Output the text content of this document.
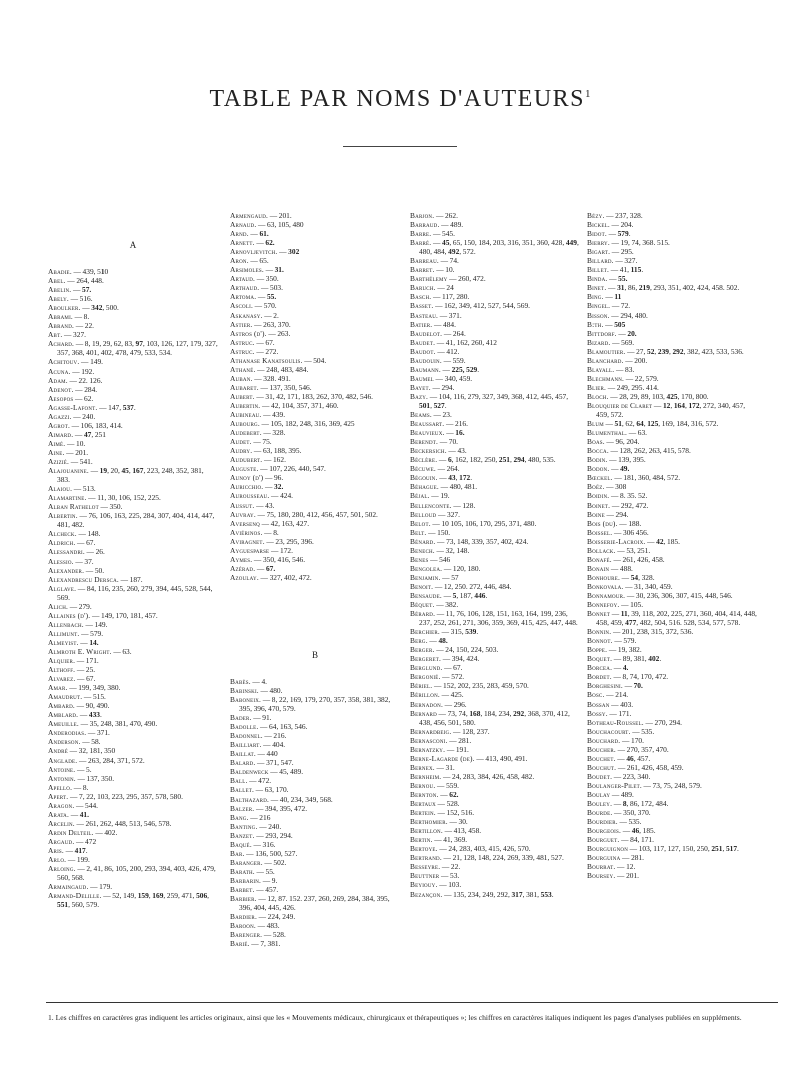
TABLE PAR NOMS D'AUTEURS$^1$
A

Abadie. — 439, 510

Abel. — 264, 448.

Abelin. — 57.

Abely. — 516.

Aboulker. — 342, 500.

Abrami. — 8.

Abrand. — 22.

Abt. — 327.

Achard. — 8, 19, 29, 62, 83, 97, 103, 126, 127, 179, 327, 357, 368, 401, 402, 478, 479, 533, 534.

Achitouv. — 149.

Acuna. — 192.

Adam. — 22. 126.

Adenot. — 284.

Aesopos — 62.

Agasse-Lafont. — 147, 537.

Agazzi. — 240.

Agrot. — 106, 183, 414.

Aimard. — 47, 251

Aimé. — 10.

Aine. — 201.

Azizié. — 541.

Alajouanine. — 19, 20, 45, 167, 223, 248, 352, 381, 383.

Alaiou. — 513.

Alamartine. — 11, 30, 106, 152, 225.

Alban Rathelot — 350.

Albertin. — 76, 106, 163, 225, 284, 307, 404, 414, 447, 481, 482.

Alcheck. — 148.

Aldrich. — 67.

Alessandri. — 26.

Alessio. — 37.

Alexander. — 50.

Alexandrescu Dersca. — 187.

Alglave. — 84, 116, 235, 260, 279, 394, 445, 528, 544, 569.

Alich. — 279.

Allaines (d'). — 149, 170, 181, 457.

Allenbach. — 149.

Allimunt. — 579.

Almeyist. — 14.

Almroth E. Wright. — 63.

Alquier. — 171.

Althoff. — 25.

Alvarez. — 67.

Amar. — 199, 349, 380.

Amaudrut. — 515.

Ambard. — 90, 490.

Amblard. — 433.

Ameuille. — 35, 248, 381, 470, 490.

Anderodias. — 371.

Anderson. — 58.

André — 32, 181, 350

Anglade. — 263, 284, 371, 572.

Antoine. — 5.

Antonin. — 137, 350.

Apello. — 8.

Apert. — 7, 22, 103, 223, 295, 357, 578, 580.

Aragon. — 544.

Arata. — 41.

Arcelin. — 261, 262, 448, 513, 546, 578.

Ardin Delteil. — 402.

Argaud. — 472

Aris. — 417.

Arlo. — 199.

Arloing. — 2, 41, 86, 105, 200, 293, 394, 403, 426, 479, 560, 568.

Armaingaud. — 179.

Armand-Delille. — 52, 149, 159, 169, 259, 471, 506, 551, 560, 579.

Armengaud. — 201.

Arnaud. — 63, 105, 480

Arnd. — 61.

Arnett. — 62.

Arnovljevitch. — 302

Aron. — 65.

Arsimoles. — 31.

Artaud. — 350.

Arthaud. — 503.

Artoma. — 55.

Ascoli. — 570.

Askanasy. — 2.

Astier. — 263, 370.

Astros (d'). — 263.

Astruc. — 67.

Astruc. — 272.

Athanase Kanatsoulis. — 504.

Athané. — 248, 483, 484.

Auban. — 328. 491.

Aubaret. — 137, 350, 546.

Aubert. — 31, 42, 171, 183, 262, 370, 482, 546.

Aubertin. — 42, 104, 357, 371, 460.

Aubineau. — 439.

Aubourg. — 105, 182, 248, 316, 369, 425

Audebert. — 328.

Audet. — 75.

Audry. — 63, 188, 395.

Audubert. — 162.

Auguste. — 107, 226, 440, 547.

Aunoy (d') — 96.

Auricchio. — 32.

Aurousseau. — 424.

Aussut. — 43.

Auvray. — 75, 180, 280, 412, 456, 457, 501, 502.

Aversenq — 42, 163, 427.

Aviérinos. — 8.

Aviragnet. — 23, 295, 396.

Ayguesparse — 172.

Aymes. — 350, 416, 546.

Azérad. — 67.

Azoulay. — 327, 402, 472.

B

Babès. — 4.

Babinski. — 480.

Baboneix. — 8, 22, 169, 179, 270, 357, 358, 381, 382, 395, 396, 470, 579.

Bader. — 91.

Badolle. — 64, 163, 546.

Badonnel. — 216.

Bailliart. — 404.

Baillat. — 440

Balard. — 371, 547.

Baldenweck — 45, 489.

Ball. — 472.

Ballet. — 63, 170.

Balthazard. — 40, 234, 349, 568.

Balzer. — 394, 395, 472.

Bang. — 216

Banting. — 240.

Banzet. — 293, 294.

Baqué. — 316.

Bar. — 136, 500, 527.

Baranger. — 502.

Barath. — 55.

Barbarin. — 9.

Barbet. — 457.

Barbier. — 12, 87. 152. 237, 260, 269, 284, 384, 395, 396, 404, 445, 426.

Bardier. — 224, 249.

Baroon. — 483.

Barenger. — 528.

Barié. — 7, 381.

Barjon. — 262.

Barraud. — 489.

Barre. — 545.

Barré. — 45, 65, 150, 184, 203, 316, 351, 360, 428, 449, 480, 484, 492, 572.

Barreau. — 74.

Barret. — 10.

Barthélemy — 260, 472.

Baruch. — 24

Basch. — 117, 280.

Basset. — 162, 349, 412, 527, 544, 569.

Basteau. — 371.

Batier. — 484.

Baudelot. — 264.

Baudet. — 41, 162, 260, 412

Baudot. — 412.

Baudouin. — 559.

Baumann. — 225, 529.

Baumel — 340, 459.

Bayet. — 294.

Bazy. — 104, 116, 279, 327, 349, 368, 412, 445, 457, 501, 527.

Beams. — 23.

Beaussart. — 216.

Beauvieux. — 16.

Berendt. — 70.

Beckersich. — 43.

Béclère. — 6, 162, 182, 250, 251, 294, 480, 535.

Bécuwe. — 264.

Bégouin. — 43, 172.

Béhague. — 480, 481.

Béjal. — 19.

Bellenconte. — 128.

Belloud — 327.

Belot. — 10 105, 106, 170, 295, 371, 480.

Belt. — 150.

Bénard. — 73, 148, 339, 357, 402, 424.

Benech. — 32, 148.

Benes — 546

Bengolea. — 120, 180.

Benjamin. — 57

Benoit. — 12, 250. 272, 446, 484.

Bensaude. — 5, 187, 446.

Béquet. — 382.

Bérard. — 11, 76, 106, 128, 151, 163, 164, 199, 236, 237, 252, 261, 271, 306, 359, 369, 415, 425, 447, 448.

Berchier. — 315, 539.

Berg. — 48.

Berger. — 24, 150, 224, 503.

Bergeret. — 394, 424.

Berglund. — 67.

Bergonié. — 572.

Bériel. — 152, 202, 235, 283, 459, 570.

Bérillon. — 425.

Bernadon. — 296.

Bernard — 73, 74, 168, 184, 234, 292, 368, 370, 412, 438, 456, 501, 580.

Bernardbeig. — 128, 237.

Bernasconi. — 281.

Bernatzky. — 191.

Berne-Lagarde (de). — 413, 490, 491.

Bernex. — 31.

Bernheim. — 24, 283, 384, 426, 458, 482.

Bernou. — 559.

Bernton. — 62.

Bertaux — 528.

Bertein. — 152, 516.

Berthomier. — 30.

Bertillon. — 413, 458.

Bertin. — 41, 369.

Bertoye. — 24, 283, 403, 415, 426, 570.

Bertrand. — 21, 128, 148, 224, 269, 339, 481, 527.

Besseyre. — 22.

Beuttner — 53.

Beyiouy. — 103.

Bezançon. — 135, 234, 249, 292, 317, 381, 553.

Bézy. — 237, 328.

Bickel. — 204.

Bidot. — 579.

Bierry. — 19, 74, 368. 515.

Bigart. — 295.

Billard. — 327.

Billet. — 41, 115.

Binda. — 55.

Binet. — 31, 86, 219, 293, 351, 402, 424, 458. 502.

Bing. — 11

Bingel. — 72.

Bisson. — 294, 480.

B:th. — 505

Bittdorf. — 20.

Bizard. — 569.

Blamoutier. — 27, 52, 239, 292, 382, 423, 533, 536.

Blanchard. — 200.

Blayall. — 83.

Blechmann. — 22, 579.

Blier. — 249, 295. 414.

Bloch. — 28, 29, 89, 103, 425, 170, 800.

Blouquier de Claret — 12, 164, 172, 272, 340, 457, 459, 572.

Blum — 51, 62, 64, 125, 169, 184, 316, 572.

Blumenthal. — 63.

Boas. — 96, 204.

Bocca. — 128, 262, 263, 415, 578.

Bodin. — 139, 395.

Bodon. — 49.

Bœckel. — 181, 360, 484, 572.

Boëz. — 308

Boidin. — 8. 35. 52.

Boinet. — 292, 472.

Boine — 294.

Bois (du). — 188.

Boissel. — 306 456.

Boisserie-Lacroix. — 42, 185.

Bollack. — 53, 251.

Bonafé. — 261, 426, 458.

Bonain — 488.

Bonhoure. — 54, 328.

Bonkovala. — 31, 340, 459.

Bonnamour. — 30, 236, 306, 307, 415, 448, 546.

Bonnefoy. — 105.

Bonnet — 11, 39, 118, 202, 225, 271, 360, 404, 414, 448, 458, 459, 477, 482, 504, 516. 528, 534, 577, 578.

Bonnin. — 201, 238, 315, 372, 536.

Bonnot. — 579.

Boppe. — 19, 382.

Boquet. — 89, 381, 402.

Borcea. — 4.

Bordet. — 8, 74, 170, 472.

Borghesini. — 70.

Bosc. — 214.

Bossan — 403.

Bossy. — 171.

Botheau-Roussel. — 270, 294.

Bouchacourt. — 535.

Bouchard. — 170.

Boucher. — 270, 357, 470.

Bouchet. — 46, 457.

Bouchut. — 261, 426, 458, 459.

Boudet. — 223, 340.

Boulanger-Pilet. — 73, 75, 248, 579.

Boulay — 489.

Bouley. — 8, 86, 172, 484.

Bourde. — 350, 370.

Bourdier. — 535.

Bourgeois. — 46, 185.

Bourguet. — 84, 171.

Bourguignon — 103, 117, 127, 150, 250, 251, 517.

Bourguina — 281.

Bourrat. — 12.

Boursey. — 201.

1. Les chiffres en caractères gras indiquent les articles originaux, ainsi que les « Mouvements médicaux, chirurgicaux et thérapeutiques »; les chiffres en caractères italiques indiquent les pages d'analyses publiées en suppléments.
